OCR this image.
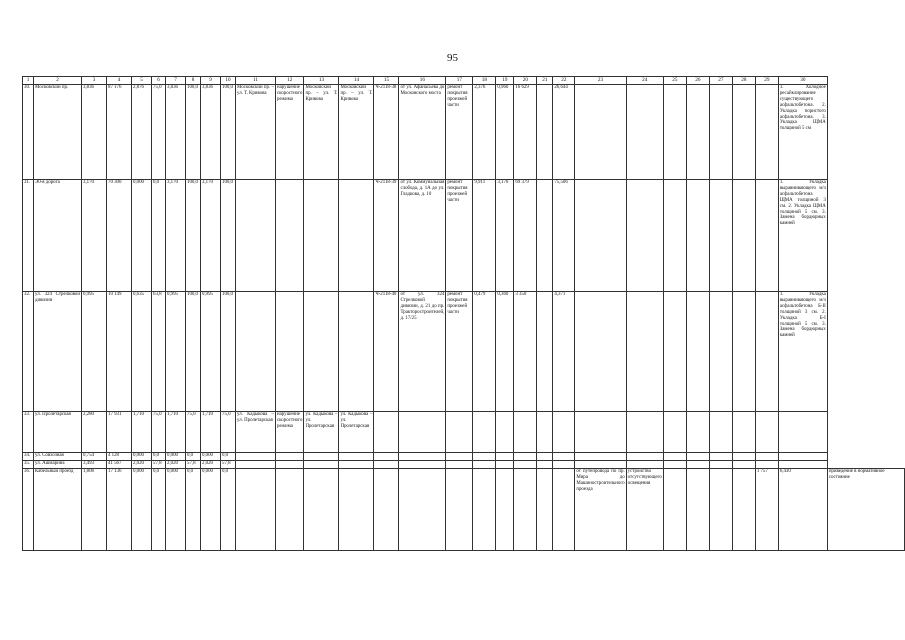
95
1	2	3	4	5	6	7	8	9	10	11	12	13	14	15	16	17	18	19	20	21	22	23	24	25	26	27	28	29	30	
30.	Московский пр.	3,836	87 176	2,876	75,0	3,836	100,0	3,836	100,0	Московский пр. – ул. Т. Кривова	нарушение скоростного режима	Московский пр. – ул. Т. Кривова	Московский пр. – ул. Т. Кривова	Ч-2118-38	от ул. Афанасьева до Московского моста	ремонт покрытия проезжей части	2,376	0,960	16 629		26,644								1. Холодное ресайклирование существующего асфальтобетона. 2. Укладка пористого асфальтобетона. 3. Укладка ЩМА толщиной 5 см	
31.	Э0-я дорога	3,170	70 300	0,000	0,0	3,170	100,0	3,170	100,0					Ч-2118-39	от ул. Коммунальная слобода, д. 1А до ул. Гладкова, д. 10	ремонт покрытия проезжей части	9,911	3,170	69 379		75,506								1. Укладка выравнивающего м/з асфальтобетона ЩМА толщиной 3 см. 2. Укладка ЩМА толщиной 5 см. 3. Замена бордюрных камней	
32.	ул. 324 Стрелковой дивизии	0,995	10 149	0,635	63,8	0,995	100,0	0,995	100,0					Ч-2118-40	от ул. 324 Стрелковой дивизии, д. 21 до пр. Тракторостроителей, д. 17/25	ремонт покрытия проезжей части	0,479	0,360	3 350		4,371								1. Укладка выравнивающего м/з асфальтобетона Б-II толщиной 3 см. 2. Укладка Б-I толщиной 5 см. 3. Замена бордюрных камней	
33.	ул. Пролетарская	2,280	17 931	1,710	75,0	1,710	75,0	1,710	75,0	ул. Кадыкова – ул. Пролетарская	нарушение скоростного режима	ул. Кадыкова – ул. Пролетарская	ул. Кадыкова – ул. Пролетарская																	
34.	ул. Совхозная	0,754	4 128	0,000	0,0	0,000	0,0	0,000	0,0																					
35.	ул. Ашмарина	3,493	41 567	2,020	57,8	2,020	57,8	2,020	57,8																					
36.	Кабельный проезд	1,808	17 136	0,000	0,0	0,000	0,0	0,000	0,0													от путепровода по пр. Мира до Машиностроительного проезда	устройство отсутствующего освещения					1 757	6,430	приведение в нормативное состояние
